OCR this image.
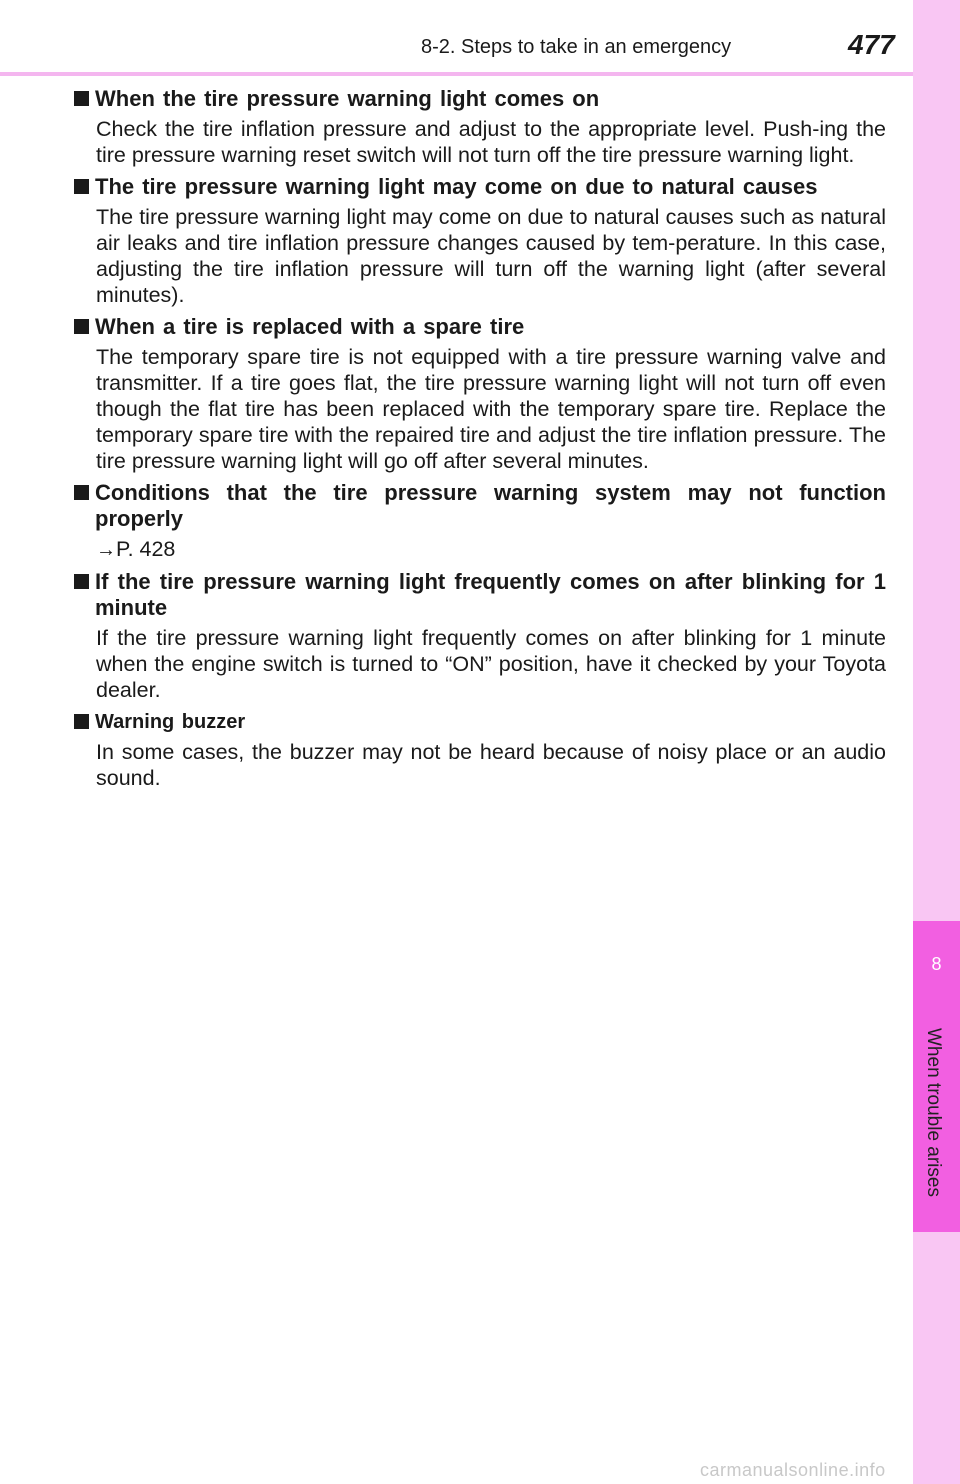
8-2. Steps to take in an emergency	477
8
When trouble arises
When the tire pressure warning light comes on
Check the tire inflation pressure and adjust to the appropriate level. Push-ing the tire pressure warning reset switch will not turn off the tire pressure warning light.
The tire pressure warning light may come on due to natural causes
The tire pressure warning light may come on due to natural causes such as natural air leaks and tire inflation pressure changes caused by tem-perature. In this case, adjusting the tire inflation pressure will turn off the warning light (after several minutes).
When a tire is replaced with a spare tire
The temporary spare tire is not equipped with a tire pressure warning valve and transmitter. If a tire goes flat, the tire pressure warning light will not turn off even though the flat tire has been replaced with the temporary spare tire. Replace the temporary spare tire with the repaired tire and adjust the tire inflation pressure. The tire pressure warning light will go off after several minutes.
Conditions that the tire pressure warning system may not function properly
→P. 428
If the tire pressure warning light frequently comes on after blinking for 1 minute
If the tire pressure warning light frequently comes on after blinking for 1 minute when the engine switch is turned to “ON” position, have it checked by your Toyota dealer.
Warning buzzer
In some cases, the buzzer may not be heard because of noisy place or an audio sound.
carmanualsonline.info
